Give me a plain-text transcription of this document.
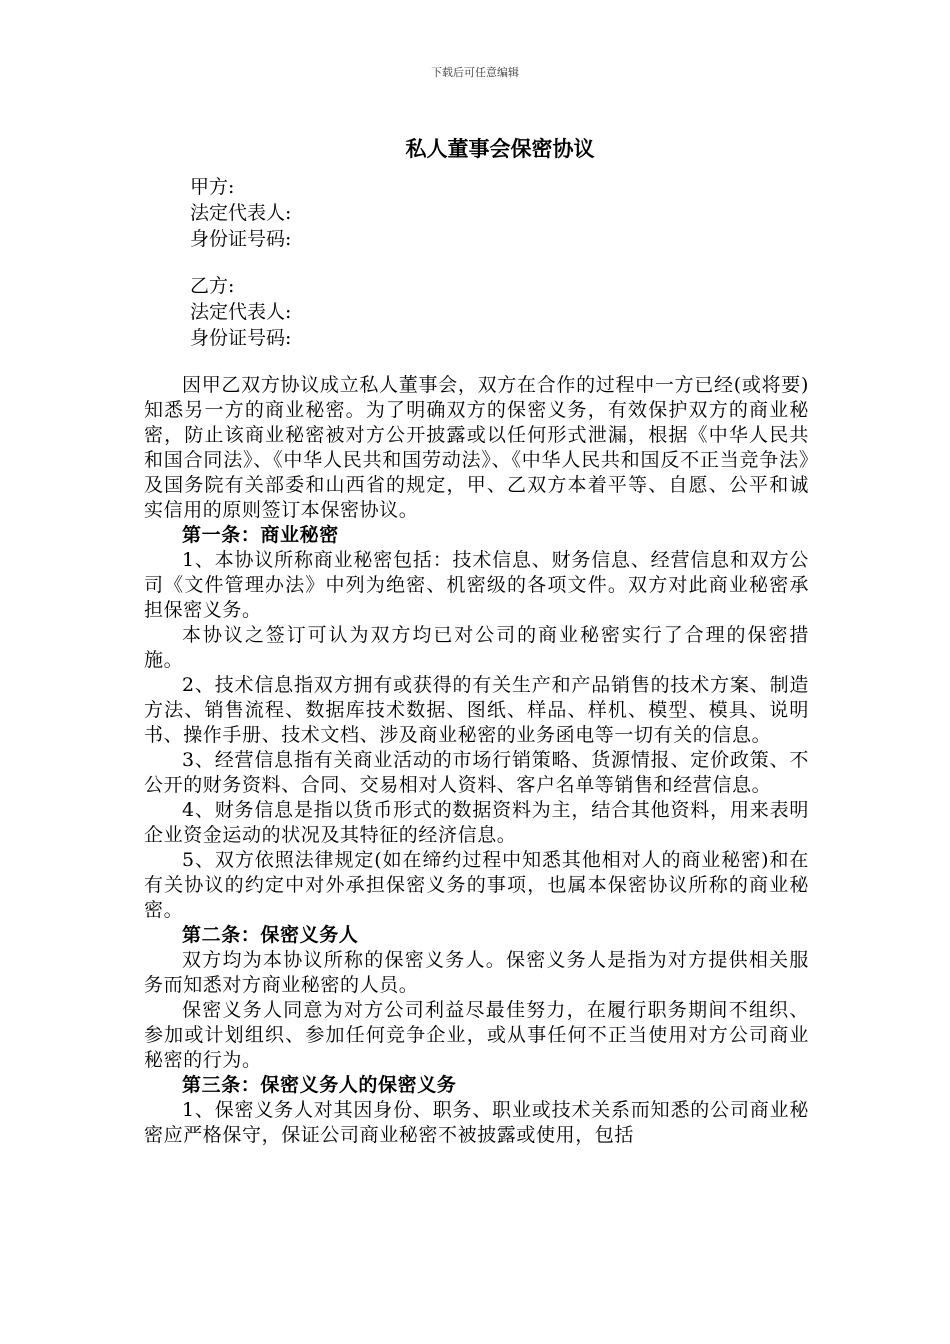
下载后可任意编辑
私人董事会保密协议
甲方:
法定代表人:
身份证号码:
乙方:
法定代表人:
身份证号码:

因甲乙双方协议成立私人董事会，双方在合作的过程中一方已经(或将要)知悉另一方的商业秘密。为了明确双方的保密义务，有效保护双方的商业秘密，防止该商业秘密被对方公开披露或以任何形式泄漏，根据《中华人民共和国合同法》、《中华人民共和国劳动法》、《中华人民共和国反不正当竞争法》及国务院有关部委和山西省的规定，甲、乙双方本着平等、自愿、公平和诚实信用的原则签订本保密协议。

第一条：商业秘密

1、本协议所称商业秘密包括：技术信息、财务信息、经营信息和双方公司《文件管理办法》中列为绝密、机密级的各项文件。双方对此商业秘密承担保密义务。

本协议之签订可认为双方均已对公司的商业秘密实行了合理的保密措施。

2、技术信息指双方拥有或获得的有关生产和产品销售的技术方案、制造方法、销售流程、数据库技术数据、图纸、样品、样机、模型、模具、说明书、操作手册、技术文档、涉及商业秘密的业务函电等一切有关的信息。

3、经营信息指有关商业活动的市场行销策略、货源情报、定价政策、不公开的财务资料、合同、交易相对人资料、客户名单等销售和经营信息。

4、财务信息是指以货币形式的数据资料为主，结合其他资料，用来表明企业资金运动的状况及其特征的经济信息。

5、双方依照法律规定(如在缔约过程中知悉其他相对人的商业秘密)和在有关协议的约定中对外承担保密义务的事项，也属本保密协议所称的商业秘密。

第二条：保密义务人

双方均为本协议所称的保密义务人。保密义务人是指为对方提供相关服务而知悉对方商业秘密的人员。

保密义务人同意为对方公司利益尽最佳努力，在履行职务期间不组织、参加或计划组织、参加任何竞争企业，或从事任何不正当使用对方公司商业秘密的行为。

第三条：保密义务人的保密义务

1、保密义务人对其因身份、职务、职业或技术关系而知悉的公司商业秘密应严格保守，保证公司商业秘密不被披露或使用，包括
